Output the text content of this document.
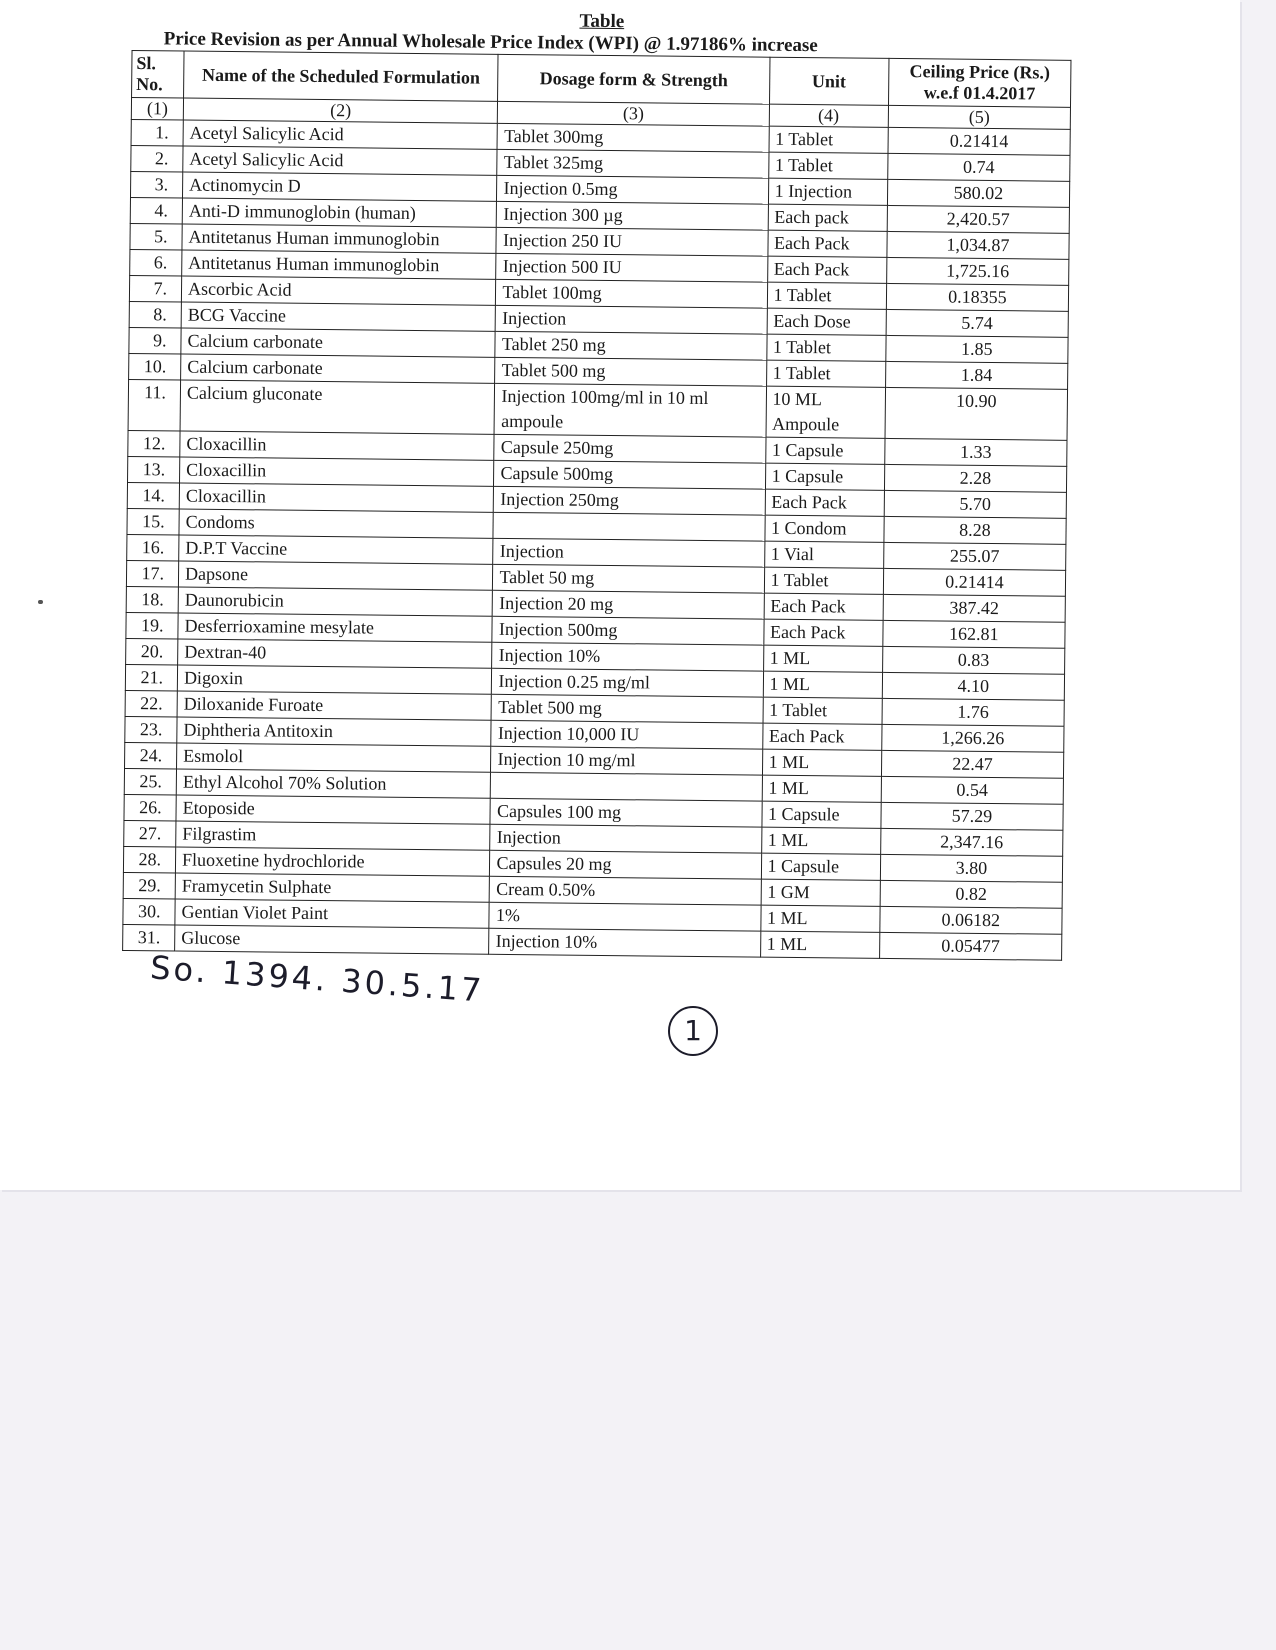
Table
Price Revision as per Annual Wholesale Price Index (WPI) @ 1.97186% increase
Sl. No.	Name of the Scheduled Formulation	Dosage form & Strength	Unit	Ceiling Price (Rs.) w.e.f 01.4.2017
(1)	(2)	(3)	(4)	(5)
1.	Acetyl Salicylic Acid	Tablet 300mg	1 Tablet	0.21414
2.	Acetyl Salicylic Acid	Tablet 325mg	1 Tablet	0.74
3.	Actinomycin D	Injection 0.5mg	1 Injection	580.02
4.	Anti-D immunoglobin (human)	Injection 300 µg	Each pack	2,420.57
5.	Antitetanus Human immunoglobin	Injection 250 IU	Each Pack	1,034.87
6.	Antitetanus Human immunoglobin	Injection 500 IU	Each Pack	1,725.16
7.	Ascorbic Acid	Tablet 100mg	1 Tablet	0.18355
8.	BCG Vaccine	Injection	Each Dose	5.74
9.	Calcium carbonate	Tablet 250 mg	1 Tablet	1.85
10.	Calcium carbonate	Tablet 500 mg	1 Tablet	1.84
11.	Calcium gluconate	Injection 100mg/ml in 10 ml ampoule	10 ML Ampoule	10.90
12.	Cloxacillin	Capsule 250mg	1 Capsule	1.33
13.	Cloxacillin	Capsule 500mg	1 Capsule	2.28
14.	Cloxacillin	Injection 250mg	Each Pack	5.70
15.	Condoms		1 Condom	8.28
16.	D.P.T Vaccine	Injection	1 Vial	255.07
17.	Dapsone	Tablet 50 mg	1 Tablet	0.21414
18.	Daunorubicin	Injection 20 mg	Each Pack	387.42
19.	Desferrioxamine mesylate	Injection 500mg	Each Pack	162.81
20.	Dextran-40	Injection 10%	1 ML	0.83
21.	Digoxin	Injection 0.25 mg/ml	1 ML	4.10
22.	Diloxanide Furoate	Tablet 500 mg	1 Tablet	1.76
23.	Diphtheria Antitoxin	Injection 10,000 IU	Each Pack	1,266.26
24.	Esmolol	Injection 10 mg/ml	1 ML	22.47
25.	Ethyl Alcohol 70% Solution		1 ML	0.54
26.	Etoposide	Capsules 100 mg	1 Capsule	57.29
27.	Filgrastim	Injection	1 ML	2,347.16
28.	Fluoxetine hydrochloride	Capsules 20 mg	1 Capsule	3.80
29.	Framycetin Sulphate	Cream 0.50%	1 GM	0.82
30.	Gentian Violet Paint	1%	1 ML	0.06182
31.	Glucose	Injection 10%	1 ML	0.05477
So. 1394. 30.5.17
1
